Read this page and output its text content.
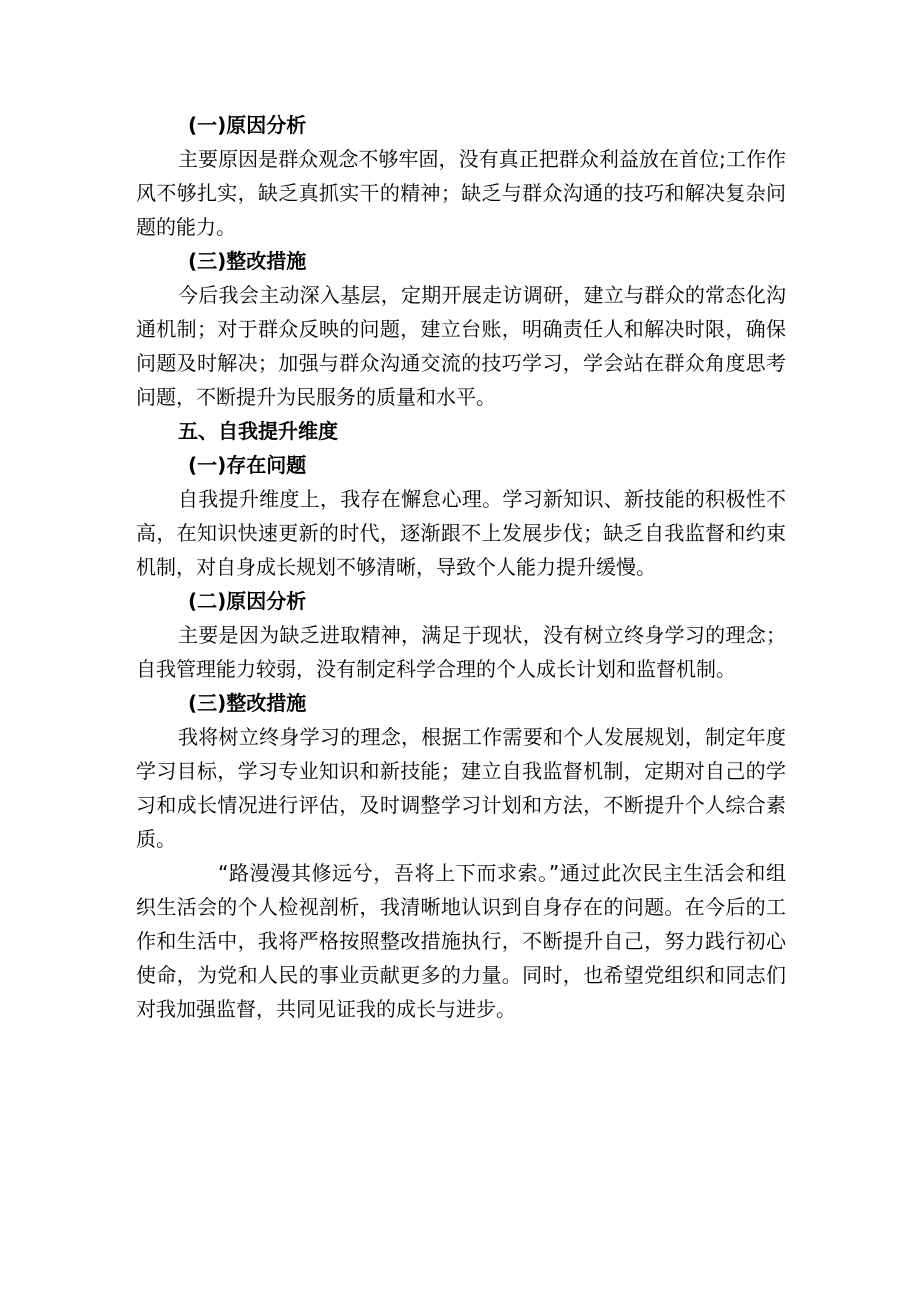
(一)原因分析

主要原因是群众观念不够牢固，没有真正把群众利益放在首位;工作作风不够扎实，缺乏真抓实干的精神；缺乏与群众沟通的技巧和解决复杂问题的能力。

(三)整改措施

今后我会主动深入基层，定期开展走访调研，建立与群众的常态化沟通机制；对于群众反映的问题，建立台账，明确责任人和解决时限，确保问题及时解决；加强与群众沟通交流的技巧学习，学会站在群众角度思考问题，不断提升为民服务的质量和水平。

五、自我提升维度
(一)存在问题

自我提升维度上，我存在懈怠心理。学习新知识、新技能的积极性不高，在知识快速更新的时代，逐渐跟不上发展步伐；缺乏自我监督和约束机制，对自身成长规划不够清晰，导致个人能力提升缓慢。

(二)原因分析

主要是因为缺乏进取精神，满足于现状，没有树立终身学习的理念；自我管理能力较弱，没有制定科学合理的个人成长计划和监督机制。

(三)整改措施

我将树立终身学习的理念，根据工作需要和个人发展规划，制定年度学习目标，学习专业知识和新技能；建立自我监督机制，定期对自己的学习和成长情况进行评估，及时调整学习计划和方法，不断提升个人综合素质。

“路漫漫其修远兮，吾将上下而求索。”通过此次民主生活会和组织生活会的个人检视剖析，我清晰地认识到自身存在的问题。在今后的工作和生活中，我将严格按照整改措施执行，不断提升自己，努力践行初心使命，为党和人民的事业贡献更多的力量。同时，也希望党组织和同志们对我加强监督，共同见证我的成长与进步。
